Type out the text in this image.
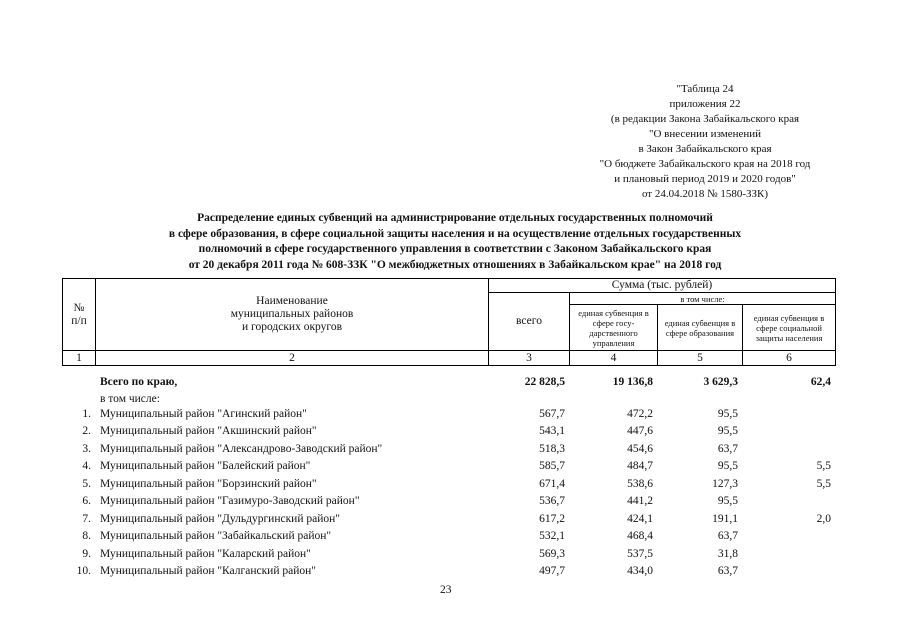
"Таблица 24
приложения 22
(в редакции Закона Забайкальского края
"О внесении изменений
в Закон Забайкальского края
"О бюджете Забайкальского края на 2018 год
и плановый период 2019 и 2020 годов"
от 24.04.2018 № 1580-ЗЗК)
Распределение единых субвенций на администрирование отдельных государственных полномочий
в сфере образования, в сфере социальной защиты населения и на осуществление отдельных государственных
полномочий в сфере государственного управления в соответствии с Законом Забайкальского края
от 20 декабря 2011 года № 608-ЗЗК "О межбюджетных отношениях в Забайкальском крае" на 2018 год
№
п/п	Наименование
муниципальных районов
и городских округов	Сумма (тыс. рублей)			
		всего	в том числе:		
			единая субвенция в сфере госу-дарственного управления	единая субвенция в сфере образования	единая субвенция в сфере социальной защиты населения
1	2	3	4	5	6
	Всего по краю,	22 828,5	19 136,8	3 629,3	62,4
	в том числе:				
1.	Муниципальный район "Агинский район"	567,7	472,2	95,5	
2.	Муниципальный район "Акшинский район"	543,1	447,6	95,5	
3.	Муниципальный район "Александрово-Заводский район"	518,3	454,6	63,7	
4.	Муниципальный район "Балейский район"	585,7	484,7	95,5	5,5
5.	Муниципальный район "Борзинский район"	671,4	538,6	127,3	5,5
6.	Муниципальный район "Газимуро-Заводский район"	536,7	441,2	95,5	
7.	Муниципальный район "Дульдургинский район"	617,2	424,1	191,1	2,0
8.	Муниципальный район "Забайкальский район"	532,1	468,4	63,7	
9.	Муниципальный район "Каларский район"	569,3	537,5	31,8	
10.	Муниципальный район "Калганский район"	497,7	434,0	63,7	
23
